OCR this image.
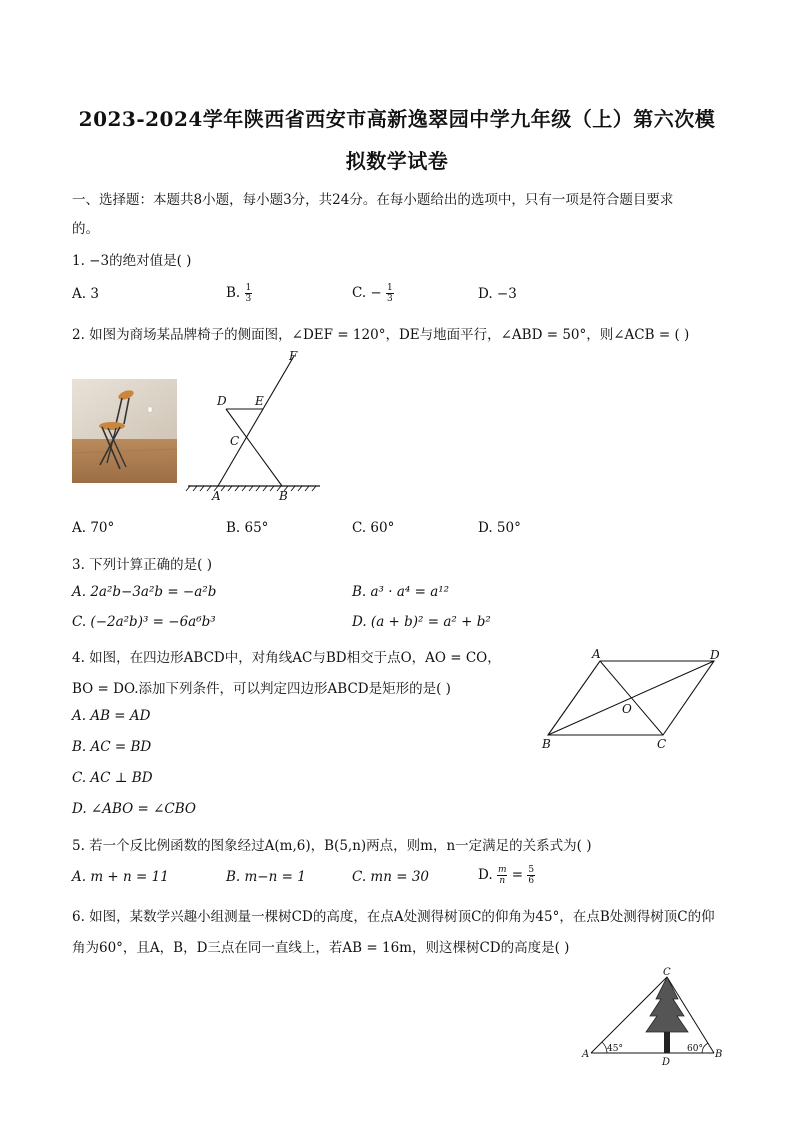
2023-2024学年陕西省西安市高新逸翠园中学九年级（上）第六次模
拟数学试卷
一、选择题：本题共8小题，每小题3分，共24分。在每小题给出的选项中，只有一项是符合题目要求
的。
1. −3的绝对值是( )
A. 3	B. $\frac{1}{3}$	C. − $\frac{1}{3}$	D. −3
2. 如图为商场某品牌椅子的侧面图，∠DEF = 120°，DE与地面平行，∠ABD = 50°，则∠ACB = ( )
F
D E
C
A	B
A. 70°	B. 65°	C. 60°	D. 50°
3. 下列计算正确的是( )
A. 2a²b−3a²b = −a²b	B. a³ · a⁴ = a¹²
C. (−2a²b)³ = −6a⁶b³	D. (a + b)² = a² + b²
4. 如图，在四边形ABCD中，对角线AC与BD相交于点O，AO = CO，
BO = DO.添加下列条件，可以判定四边形ABCD是矩形的是( )
A. AB = AD
B. AC = BD
C. AC ⊥ BD
D. ∠ABO = ∠CBO
A	D
O
B	C
5. 若一个反比例函数的图象经过A(m,6)，B(5,n)两点，则m，n一定满足的关系式为( )
A. m + n = 11	B. m−n = 1	C. mn = 30	D. $\frac{m}{n} = \frac{5}{6}$
6. 如图，某数学兴趣小组测量一棵树CD的高度，在点A处测得树顶C的仰角为45°，在点B处测得树顶C的仰
角为60°，且A，B，D三点在同一直线上，若AB = 16m，则这棵树CD的高度是( )
C
A	B
D
45°	60°
